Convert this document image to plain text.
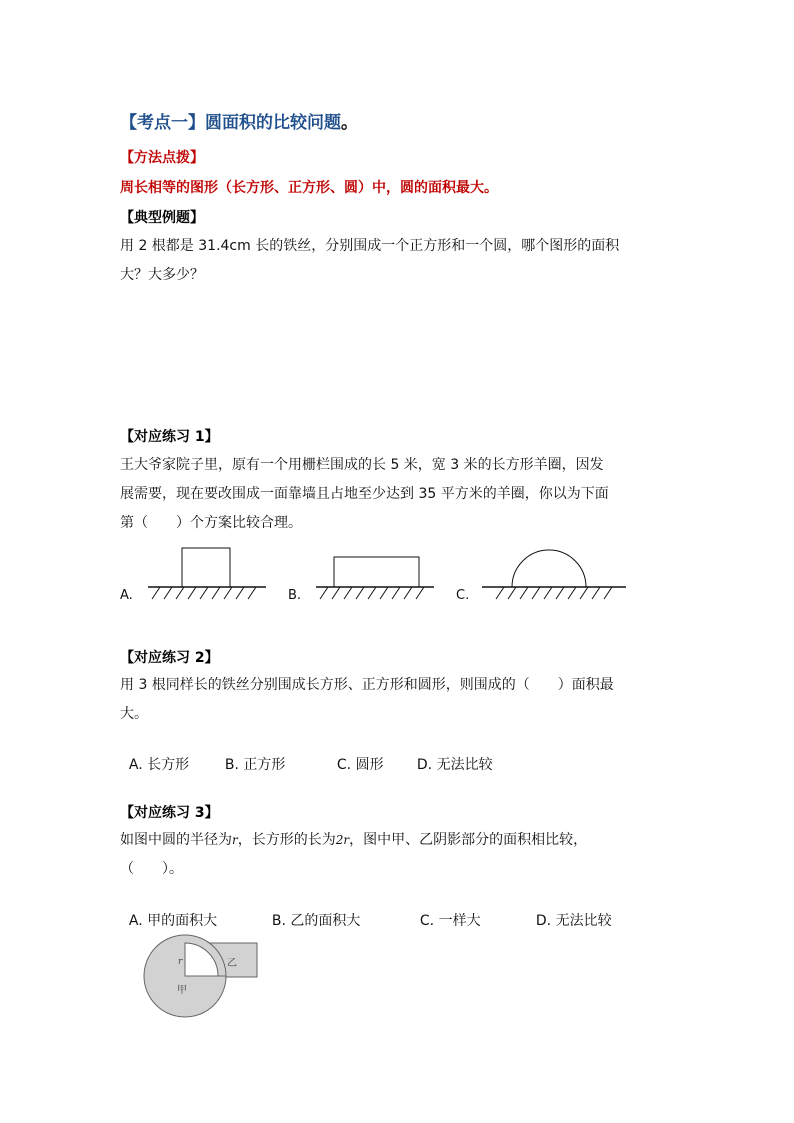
【考点一】圆面积的比较问题。
【方法点拨】
周长相等的图形（长方形、正方形、圆）中，圆的面积最大。
【典型例题】
用 2 根都是 31.4cm 长的铁丝，分别围成一个正方形和一个圆，哪个图形的面积
大？大多少？
【对应练习 1】
王大爷家院子里，原有一个用栅栏围成的长 5 米，宽 3 米的长方形羊圈，因发
展需要，现在要改围成一面靠墙且占地至少达到 35 平方米的羊圈，你以为下面
第（　　）个方案比较合理。
A.	B.	C.
【对应练习 2】
用 3 根同样长的铁丝分别围成长方形、正方形和圆形，则围成的（　　）面积最
大。

A. 长方形	B. 正方形	C. 圆形 D. 无法比较

【对应练习 3】
如图中圆的半径为r，长方形的长为2r，图中甲、乙阴影部分的面积相比较，
（　　）。

A. 甲的面积大	B. 乙的面积大	C. 一样大	D. 无法比较

r
甲
乙
